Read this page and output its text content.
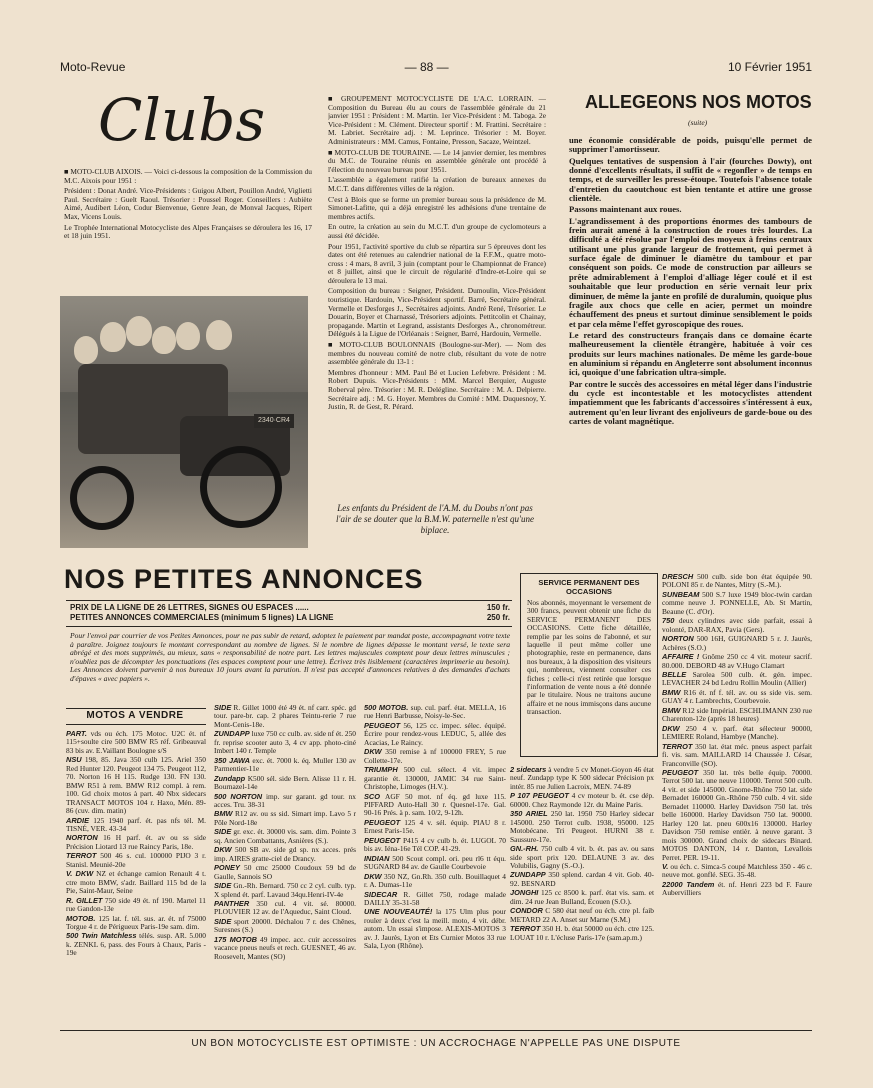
Moto-Revue	— 88 —	10 Février 1951
Clubs

■ MOTO-CLUB AIXOIS. — Voici ci-dessous la composition de la Commission du M.C. Aixois pour 1951 :

Président : Donat André. Vice-Présidents : Guigou Albert, Pouillon André, Viglietti Paul. Secrétaire : Guelt Raoul. Trésorier : Poussel Roger. Conseillers : Aubiète Aimé, Audibert Léon, Codur Bienvenue, Genre Jean, de Monval Jacques, Ripert Max, Vicens Louis.

Le Trophée International Motocycliste des Alpes Françaises se déroulera les 16, 17 et 18 juin 1951.

2340·CR4

■ GROUPEMENT MOTOCYCLISTE DE L'A.C. LORRAIN. — Composition du Bureau élu au cours de l'assemblée générale du 21 janvier 1951 : Président : M. Martin. 1er Vice-Président : M. Taboga. 2e Vice-Président : M. Clément. Directeur sportif : M. Frattini. Secrétaire : M. Labriet. Secrétaire adj. : M. Leprince. Trésorier : M. Boyer. Administrateurs : MM. Camus, Fontaine, Presson, Sacaze, Weintzel.

■ MOTO-CLUB DE TOURAINE. — Le 14 janvier dernier, les membres du M.C. de Touraine réunis en assemblée générale ont procédé à l'élection du nouveau bureau pour 1951.

L'assemblée a également ratifié la création de bureaux annexes du M.C.T. dans différentes villes de la région.

C'est à Blois que se forme un premier bureau sous la présidence de M. Simonet-Lafitte, qui a déjà enregistré les adhésions d'une trentaine de membres actifs.

En outre, la création au sein du M.C.T. d'un groupe de cyclomoteurs a aussi été décidée.

Pour 1951, l'activité sportive du club se répartira sur 5 épreuves dont les dates ont été retenues au calendrier national de la F.F.M., quatre moto-cross : 4 mars, 8 avril, 3 juin (comptant pour le Championnat de France) et 8 juillet, ainsi que le circuit de régularité d'Indre-et-Loire qui se déroulera le 13 mai.

Composition du bureau : Seigner, Président. Dumoulin, Vice-Président touristique. Hardouin, Vice-Président sportif. Barré, Secrétaire général. Vermelle et Desforges J., Secrétaires adjoints. André René, Trésorier. Le Douarin, Boyer et Charnassé, Trésoriers adjoints. Pettitcolin et Chainay, propagande. Martin et Legrand, assistants Desforges A., chronométreur. Délégués à la Ligue de l'Orléanais : Seigner, Barré, Hardouin, Vermelle.

■ MOTO-CLUB BOULONNAIS (Boulogne-sur-Mer). — Nom des membres du nouveau comité de notre club, résultant du vote de notre assemblée générale du 13-1 :

Membres d'honneur : MM. Paul Bé et Lucien Lefebvre. Président : M. Robert Dupuis. Vice-Présidents : MM. Marcel Berquier, Auguste Roberval père. Trésorier : M. R. Delégline. Secrétaire : M. A. Delpierre. Secrétaire adj. : M. G. Hoyer. Membres du Comité : MM. Duquesnoy, Y. Justin, R. de Gest, R. Pérard.

Les enfants du Président de l'A.M. du Doubs n'ont pas l'air de se douter que la B.M.W. paternelle n'est qu'une biplace.
ALLEGEONS NOS MOTOS
(suite)

une économie considérable de poids, puisqu'elle permet de supprimer l'amortisseur.

Quelques tentatives de suspension à l'air (fourches Dowty), ont donné d'excellents résultats, il suffit de « regonfler » de temps en temps, et de surveiller les presse-étoupe. Toutefois l'absence totale d'entretien du caoutchouc est bien tentante et attire une grosse clientèle.

Passons maintenant aux roues.

L'agrandissement à des proportions énormes des tambours de frein aurait amené à la construction de roues très lourdes. La difficulté a été résolue par l'emploi des moyeux à freins centraux utilisant une plus grande largeur de frottement, qui permet à surface égale de diminuer le diamètre du tambour et par conséquent son poids. Ce mode de construction par ailleurs se prête admirablement à l'emploi d'alliage léger coulé et il est souhaitable que leur production en série vernait leur prix diminuer, de même la jante en profilé de duralumin, quoique plus fragile aux chocs que celle en acier, permet un moindre échauffement des pneus et surtout diminue sensiblement le poids et par cela même l'effet gyroscopique des roues.

Le retard des constructeurs français dans ce domaine écarte malheureusement la clientèle étrangère, habituée à voir ces produits sur leurs machines nationales. De même les garde-boue en aluminium si répandu en Angleterre sont absolument inconnus ici, quoique d'une fabrication ultra-simple.

Par contre le succès des accessoires en métal léger dans l'industrie du cycle est incontestable et les motocyclistes attendent impatiemment que les fabricants d'accessoires s'intéressent à eux, autrement qu'en leur livrant des enjoliveurs de garde-boue ou des cartes de volant magnétique.

NOS PETITES ANNONCES
PRIX DE LA LIGNE DE 26 LETTRES, SIGNES OU ESPACES ......	150 fr.
PETITES ANNONCES COMMERCIALES (minimum 5 lignes) LA LIGNE	250 fr.
Pour l'envoi par courrier de vos Petites Annonces, pour ne pas subir de retard, adoptez le paiement par mandat poste, accompagnant votre texte à paraître. Joignez toujours le montant correspondant au nombre de lignes. Si le nombre de lignes dépasse le montant versé, le texte sera abrégé et des mots supprimés, au mieux, sans « responsabilité de notre part. Les lettres majuscules comptent pour deux lettres minuscules ; n'oubliez pas de décompter les ponctuations (les espaces comptent pour une lettre). Écrivez très lisiblement (caractères imprimerie au besoin). Les Annonces doivent parvenir à nos bureaux 10 jours avant la parution. Il n'est pas accepté d'annonces relatives à des demandes d'achats d'épaves « avec papiers ».
SERVICE PERMANENT DES OCCASIONS
Nos abonnés, moyennant le versement de 300 francs, peuvent obtenir une fiche du SERVICE PERMANENT DES OCCASIONS. Cette fiche détaillée, remplie par les soins de l'abonné, et sur laquelle il peut même coller une photographie, reste en permanence, dans nos bureaux, à la disposition des visiteurs qui, nombreux, viennent consulter ces fiches ; celle-ci n'est retirée que lorsque l'information de vente nous a été donnée par le titulaire. Nous ne traitons aucune affaire et ne nous immisçons dans aucune transaction.
MOTOS A VENDRE
PART. vds ou éch. 175 Motoc. U2C ét. nf 115+soulte cire 500 BMW R5 réf. Gribeauval 83 bis av. E.Vaillant Boulogne s/S
NSU 198, 85. Java 350 culb 125. Ariel 350 Red Hunter 120. Peugeot 134 75. Peugeot 112, 70. Norton 16 H 115. Rudge 130. FN 130. BMW R51 à rem. BMW R12 compl. à rem. 100. Gd choix motos à part. 40 Nbx sidecars TRANSACT MOTOS 104 r. Haxo, Mén. 89-86 (cuv. dim. matin)
ARDIE 125 1940 parf. ét. pas nfs tél. M. TISNÉ, VER. 43-34
NORTON 16 H parf. ét. av ou ss side Précision Liotard 13 rue Raincy Paris, 18e.
TERROT 500 46 s. cul. 100000 PIJO 3 r. Stanisl. Meunié-20e
V. DKW NZ et échange camion Renault 4 t. ctre moto BMW, s'adr. Baillard 115 bd de la Pie, Saint-Maur, Seine
R. GILLET 750 side 49 ét. nf 190. Martel 11 rue Gandon-13e
MOTOB. 125 lat. f. tél. sus. ar. ét. nf 75000 Torgue 4 r. de Périgueux Paris-19e sam. dim.
500 Twin Matchless télés. susp. AR. 5.000 k. ZENKL 6, pass. des Fours à Chaux, Paris - 19e
SIDE R. Gillet 1000 été 49 ét. nf carr. spéc. gd tour. pare-br. cap. 2 phares Teintu-rerie 7 rue Mont-Cenis-18e.
ZUNDAPP luxe 750 cc culb. av. side nf ét. 250 fr. reprise scooter auto 3, 4 cv app. photo-ciné Imbert 140 r. Temple
350 JAWA exc. ét. 7000 k. éq. Muller 130 av Parmentier-11e
Zundapp K500 sél. side Bern. Alisse 11 r. H. Bournazel-14e
500 NORTON imp. sur garant. gd tour. nx acces. Tru. 38-31
BMW R12 av. ou ss sid. Simart imp. Lavo 5 r Pôle Nord-18e
SIDE gr. exc. ét. 30000 vis. sam. dim. Pointe 3 sq. Ancien Combattants, Asnières (S.).
DKW 500 SB av. side gd sp. nx acces. prés imp. AIRES gratte-ciel de Drancy.
PONEY 50 cmc 25000 Coudoux 59 bd de Gaulle, Sannois SO
SIDE Gn.-Rh. Bernard. 750 cc 2 cyl. culb. typ. X splend ét. parf. Lavaud 34qu.Henri-IV-4e
PANTHER 350 cul. 4 vit. sé. 80000. PLOUVIER 12 av. de l'Aqueduc, Saint Cloud.
SIDE sport 20000. Déchalou 7 r. des Chênes, Suresnes (S.)
175 MOTOB 49 impec. acc. cuir accessoires vacance pneus neufs et rech. GUESNET, 46 av. Roosevelt, Mantes (SO)
500 MOTOB. sup. cul. parf. état. MELLA, 16 rue Henri Barbusse, Noisy-le-Sec.
PEUGEOT 56, 125 cc. impec. sélec. équipé. Écrire pour rendez-vous LEDUC, 5, allée des Acacias, Le Raincy.
DKW 350 remise à nf 100000 FREY, 5 rue Collette-17e.
TRIUMPH 500 cul. sélect. 4 vit. impec garantie ét. 130000, JAMIC 34 rue Saint-Christophe, Limoges (H.V.).
SCO AGF 50 mot. nf éq. gd luxe 115. PIFFARD Auto-Hall 30 r. Quesnel-17e. Gal. 90-16 Prés. à p. sam. 10/2, 9-12h.
PEUGEOT 125 4 v. sél. équip. PIAU 8 r. Ernest Paris-15e.
PEUGEOT P415 4 cv culb b. ét. LUGOL 70 bis av. Iéna-16e Tél COP. 41-29.
INDIAN 500 Scout compl. ori. peu rl6 tt équ. SUGNARD 84 av. de Gaulle Courbevoie
DKW 350 NZ, Gn.Rh. 350 culb. Bouillaquet 4 r. A. Dumas-11e
SIDECAR R. Gillet 750, rodage malade DAILLY 35-31-58
UNE NOUVEAUTÉ! la 175 Ulm plus pour rouler à deux c'est la meill. moto, 4 vit. débr. autom. Un essai s'impose. ALEXIS-MOTOS 3 av. J. Jaurès, Lyon et Ets Curnier Motos 33 rue Sala, Lyon (Rhône).
2 sidecars à vendre 5 cv Monet-Goyon 46 état neuf. Zundapp type K 500 sidecar Précision px intér. 85 rue Julien Lacroix, MEN. 74-89
P 107 PEUGEOT 4 cv moteur b. ét. cse dép. 60000. Chez Raymonde 12r. du Maine Paris.
350 ARIEL 250 lat. 1950 750 Harley sidecar 145000. 250 Terrot culb. 1938, 95000. 125 Motobécane. Tri Peugeot. HURNI 38 r. Saussure-17e.
GN.-RH. 750 culb 4 vit. b. ét. pas av. ou sans side sport prix 120. DELAUNE 3 av. des Volubilis, Gagny (S.-O.).
ZUNDAPP 350 splend. cardan 4 vit. Gob. 40-92. BESNARD
JONGHI 125 cc 8500 k. parf. état vis. sam. et dim. 24 rue Jean Bulland, Écouen (S.O.).
CONDOR C 580 état neuf ou éch. ctre pl. faib METARD 22 A. Anset sur Marne (S.M.)
TERROT 350 H. b. état 50000 ou éch. ctre 125. LOUAT 10 r. L'écluse Paris-17e (sam.ap.m.)
DRESCH 500 culb. side bon état équipée 90. POLONI 85 r. de Nantes, Mitry (S.-M.).
SUNBEAM 500 S.7 luxe 1949 bloc-twin cardan comme neuve J. PONNELLE, Ab. St Martin, Beaune (C. d'Or).
750 deux cylindres avec side parfait, essai à volonté, DAR-RAX, Pavia (Gers).
NORTON 500 16H, GUIGNARD 5 r. J. Jaurès, Achères (S.O.)
AFFAIRE ! Gnôme 250 cc 4 vit. moteur sacrif. 80.000. DEBORD 48 av V.Hugo Clamart
BELLE Sarolea 500 culb. ét. gén. impec. LEVACHER 24 bd Ledru Rollin Moulin (Allier)
BMW R16 ét. nf f. tél. av. ou ss side vis. sem. GUAY 4 r. Lambrechts, Courbevoie.
BMW R12 side Impérial. ESCHLIMANN 230 rue Charenton-12e (après 18 heures)
DKW 250 4 v. parf. état sélecteur 90000, LEMIERE Roland, Hambye (Manche).
TERROT 350 lat. état méc. pneus aspect parfait fi. vis. sam. MAILLARD 14 Chaussée J. César, Franconville (SO).
PEUGEOT 350 lat. très belle équip. 70000. Terrot 500 lat. une neuve 110000. Terrot 500 culb. 4 vit. et side 145000. Gnome-Rhône 750 lat. side Bernadet 160000 Gn.-Rhône 750 culb. 4 vit. side Bernadet 110000. Harley Davidson 750 lat. très belle 160000. Harley Davidson 750 lat. 90000. Harley 120 lat. pneu 600x16 130000. Harley Davidson 750 remise entièr. à neuve garant. 3 mois 300000. Grand choix de sidecars Binard. MOTOS DANTON, 14 r. Danton, Levallois Perret. PER. 19-11.
V. ou éch. c. Simca-5 coupé Matchless 350 - 46 c. neuve mot. gonflé. SEG. 35-48.
22000 Tandem ét. nf. Henri 223 bd F. Faure Aubervilliers
UN BON MOTOCYCLISTE EST OPTIMISTE : UN ACCROCHAGE N'APPELLE PAS UNE DISPUTE
